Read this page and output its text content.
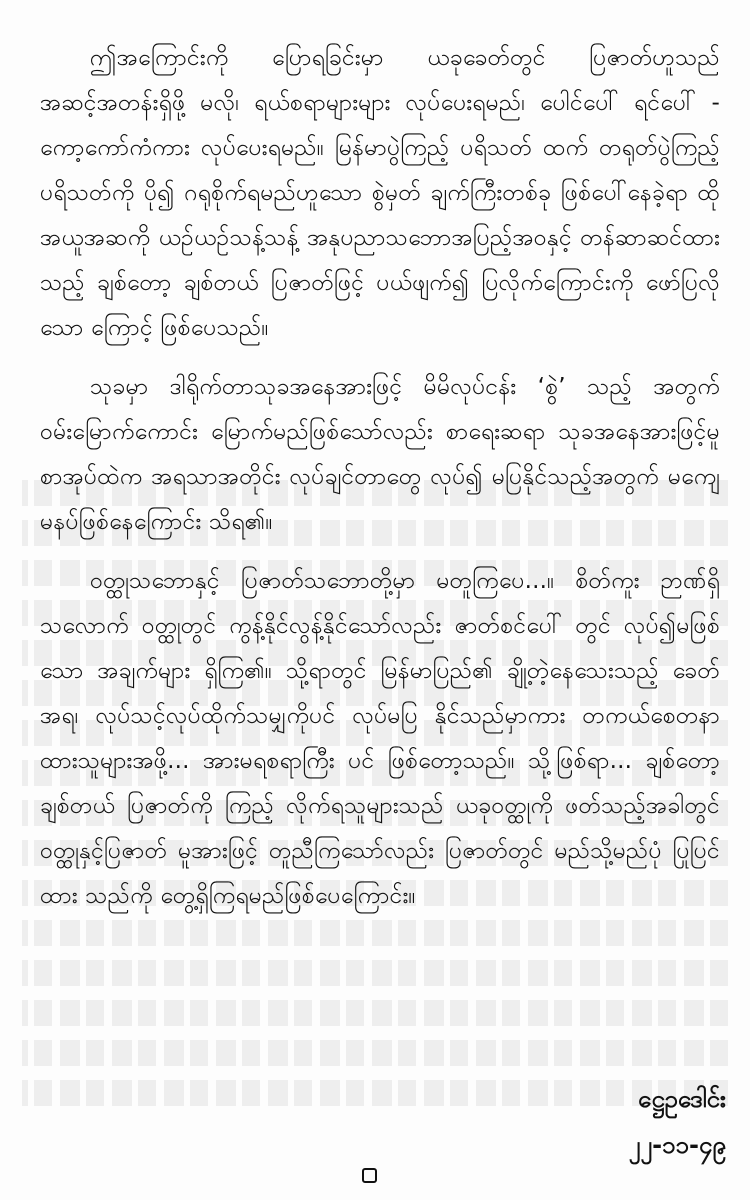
ဤအကြောင်းကို ပြောရခြင်းမှာ ယခုခေတ်တွင် ပြဇာတ်ဟူသည် အဆင့်အတန်းရှိဖို့ မလို၊ ရယ်စရာများများ လုပ်ပေးရမည်၊ ပေါင်ပေါ် ရင်ပေါ် - ကော့ကော်ကံကား လုပ်ပေးရမည်။ မြန်မာပွဲကြည့် ပရိသတ် ထက် တရုတ်ပွဲကြည့် ပရိသတ်ကို ပို၍ ဂရုစိုက်ရမည်ဟူသော စွဲမှတ် ချက်ကြီးတစ်ခု ဖြစ်ပေါ်နေခဲ့ရာ ထိုအယူအဆကို ယဉ်ယဉ်သန့်သန့် အနုပညာသဘောအပြည့်အဝနှင့် တန်ဆာဆင်ထားသည့် ချစ်တော့ ချစ်တယ် ပြဇာတ်ဖြင့် ပယ်ဖျက်၍ ပြလိုက်ကြောင်းကို ဖော်ပြလိုသော ကြောင့် ဖြစ်ပေသည်။

သုခမှာ ဒါရိုက်တာသုခအနေအားဖြင့် မိမိလုပ်ငန်း ‘စွဲ’ သည့် အတွက် ဝမ်းမြောက်ကောင်း မြောက်မည်ဖြစ်သော်လည်း စာရေးဆရာ သုခအနေအားဖြင့်မူ စာအုပ်ထဲက အရသာအတိုင်း လုပ်ချင်တာတွေ လုပ်၍ မပြနိုင်သည့်အတွက် မကျေမနပ်ဖြစ်နေကြောင်း သိရ၏။

ဝတ္ထုသဘောနှင့် ပြဇာတ်သဘောတို့မှာ မတူကြပေ...။ စိတ်ကူး ဉာဏ်ရှိသလောက် ဝတ္ထုတွင် ကွန့်နိုင်လွန့်နိုင်သော်လည်း ဇာတ်စင်ပေါ် တွင် လုပ်၍မဖြစ်သော အချက်များ ရှိကြ၏။ သို့ရာတွင် မြန်မာပြည်၏ ချို့တဲ့နေသေးသည့် ခေတ်အရ၊ လုပ်သင့်လုပ်ထိုက်သမျှကိုပင် လုပ်မပြ နိုင်သည်မှာကား တကယ်စေတနာထားသူများအဖို့... အားမရစရာကြီး ပင် ဖြစ်တော့သည်။ သို့ဖြစ်ရာ... ချစ်တော့ ချစ်တယ် ပြဇာတ်ကို ကြည့် လိုက်ရသူများသည် ယခုဝတ္ထုကို ဖတ်သည့်အခါတွင် ဝတ္ထုနှင့်ပြဇာတ် မူအားဖြင့် တူညီကြသော်လည်း ပြဇာတ်တွင် မည်သို့မည်ပုံ ပြုပြင်ထား သည်ကို တွေ့ရှိကြရမည်ဖြစ်ပေကြောင်း။

ဋ္ဌေဥဒေါင်း
၂၂-၁၁-၄၉
